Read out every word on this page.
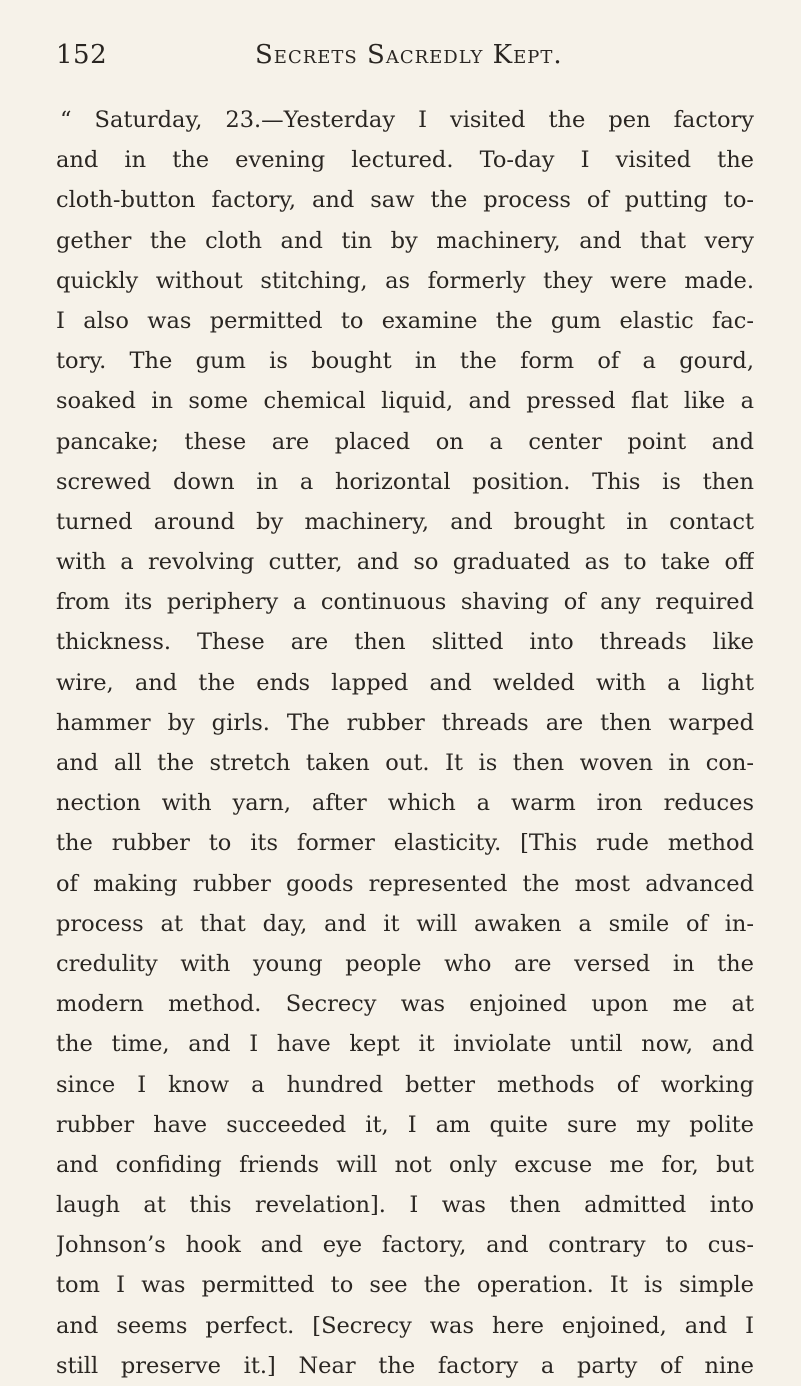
152	Secrets Sacredly Kept.
“ Saturday, 23.—Yesterday I visited the pen factory
and in the evening lectured. To-day I visited the
cloth-button factory, and saw the process of putting to-
gether the cloth and tin by machinery, and that very
quickly without stitching, as formerly they were made.
I also was permitted to examine the gum elastic fac-
tory. The gum is bought in the form of a gourd,
soaked in some chemical liquid, and pressed flat like a
pancake; these are placed on a center point and
screwed down in a horizontal position. This is then
turned around by machinery, and brought in contact
with a revolving cutter, and so graduated as to take off
from its periphery a continuous shaving of any required
thickness. These are then slitted into threads like
wire, and the ends lapped and welded with a light
hammer by girls. The rubber threads are then warped
and all the stretch taken out. It is then woven in con-
nection with yarn, after which a warm iron reduces
the rubber to its former elasticity. [This rude method
of making rubber goods represented the most advanced
process at that day, and it will awaken a smile of in-
credulity with young people who are versed in the
modern method. Secrecy was enjoined upon me at
the time, and I have kept it inviolate until now, and
since I know a hundred better methods of working
rubber have succeeded it, I am quite sure my polite
and confiding friends will not only excuse me for, but
laugh at this revelation]. I was then admitted into
Johnson’s hook and eye factory, and contrary to cus-
tom I was permitted to see the operation. It is simple
and seems perfect. [Secrecy was here enjoined, and I
still preserve it.] Near the factory a party of nine
